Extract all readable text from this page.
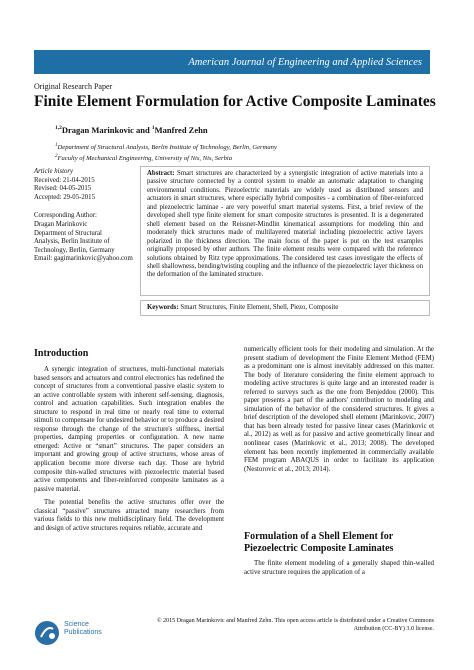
American Journal of Engineering and Applied Sciences
Original Research Paper
Finite Element Formulation for Active Composite Laminates
$^{1,2}$Dragan Marinkovic and $^1$Manfred Zehn
$^1$Department of Structural Analysis, Berlin Institute of Technology, Berlin, Germany
$^2$Faculty of Mechanical Engineering, University of Nis, Nis, Serbia
Article history
Received: 21-04-2015
Revised: 04-05-2015
Accepted: 29-05-2015
Corresponding Author:
Dragan Marinkovic
Department of Structural
Analysis, Berlin Institute of
Technology, Berlin, Germany
Email: gagimarinkovic@yahoo.com
Abstract: Smart structures are characterized by a synergistic integration of active materials into a passive structure connected by a control system to enable an automatic adaptation to changing environmental conditions. Piezoelectric materials are widely used as distributed sensors and actuators in smart structures, where especially hybrid composites - a combination of fiber-reinforced and piezoelectric laminae - are very powerful smart material systems. First, a brief review of the developed shell type finite element for smart composite structures is presented. It is a degenerated shell element based on the Reissner-Mindlin kinematical assumptions for modeling thin and moderately thick structures made of multilayered material including piezoelectric active layers polarized in the thickness direction. The main focus of the paper is put on the test examples originally proposed by other authors. The finite element results were compared with the reference solutions obtained by Ritz type approximations. The considered test cases investigate the effects of shell shallowness, bending/twisting coupling and the influence of the piezoelectric layer thickness on the deformation of the laminated structure.
Keywords: Smart Structures, Finite Element, Shell, Piezo, Composite
Introduction

A synergic integration of structures, multi-functional materials based sensors and actuators and control electronics has redefined the concept of structures from a conventional passive elastic system to an active controllable system with inherent self-sensing, diagnosis, control and actuation capabilities. Such integration enables the structure to respond in real time or nearly real time to external stimuli to compensate for undesired behavior or to produce a desired response through the change of the structure's stiffness, inertial properties, damping properties or configuration. A new name emerged: Active or “smart” structures. The paper considers an important and growing group of active structures, whose areas of application become more diverse each day. Those are hybrid composite thin-walled structures with piezoelectric material based active components and fiber-reinforced composite laminates as a passive material.

The potential benefits the active structures offer over the classical “passive” structures attracted many researchers from various fields to this new multidisciplinary field. The development and design of active structures requires reliable, accurate and

numerically efficient tools for their modeling and simulation. At the present stadium of development the Finite Element Method (FEM) as a predominant one is almost inevitably addressed on this matter. The body of literature considering the finite element approach to modeling active structures is quite large and an interested reader is referred to surveys such as the one from Benjeddou (2000). This paper presents a part of the authors' contribution to modeling and simulation of the behavior of the considered structures. It gives a brief description of the developed shell element (Marinkovic, 2007) that has been already tested for passive linear cases (Marinkovic et al., 2012) as well as for passive and active geometrically linear and nonlinear cases (Marinkovic et al., 2013; 2008). The developed element has been recently implemented in commercially available FEM program ABAQUS in order to facilitate its application (Nestorovic et al., 2013; 2014).

Formulation of a Shell Element for Piezoelectric Composite Laminates

The finite element modeling of a generally shaped thin-walled active structure requires the application of a

Science
Publications
© 2015 Dragan Marinkovic and Manfred Zehn. This open access article is distributed under a Creative Commons Attribution (CC-BY) 3.0 license.
